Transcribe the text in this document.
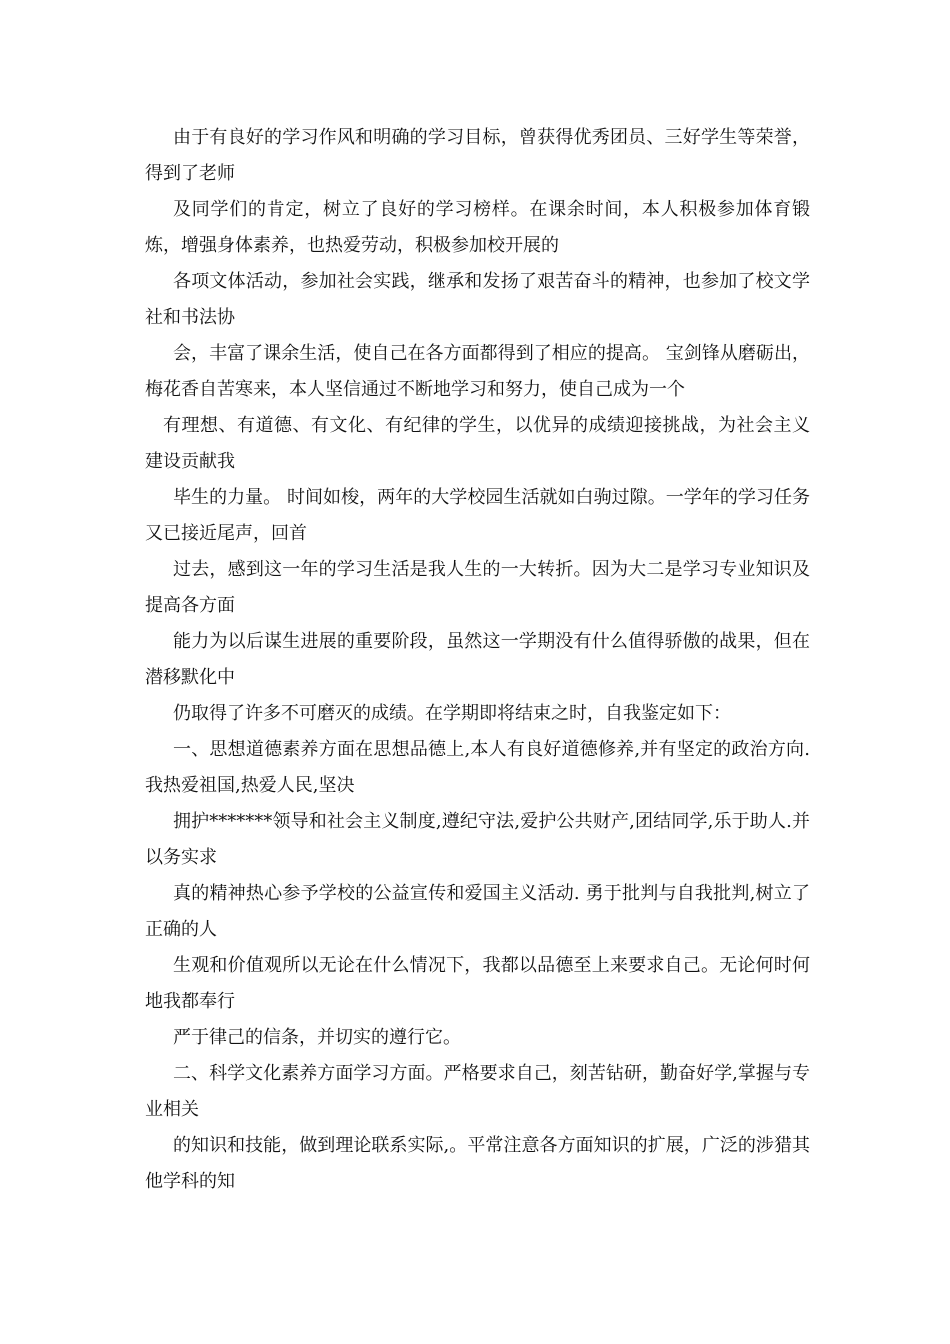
由于有良好的学习作风和明确的学习目标，曾获得优秀团员、三好学生等荣誉，得到了老师

及同学们的肯定，树立了良好的学习榜样。在课余时间，本人积极参加体育锻炼，增强身体素养，也热爱劳动，积极参加校开展的

各项文体活动，参加社会实践，继承和发扬了艰苦奋斗的精神，也参加了校文学社和书法协

会，丰富了课余生活，使自己在各方面都得到了相应的提高。 宝剑锋从磨砺出，梅花香自苦寒来，本人坚信通过不断地学习和努力，使自己成为一个

有理想、有道德、有文化、有纪律的学生，以优异的成绩迎接挑战，为社会主义建设贡献我

毕生的力量。 时间如梭，两年的大学校园生活就如白驹过隙。一学年的学习任务又已接近尾声，回首

过去，感到这一年的学习生活是我人生的一大转折。因为大二是学习专业知识及提高各方面

能力为以后谋生进展的重要阶段，虽然这一学期没有什么值得骄傲的战果，但在潜移默化中

仍取得了许多不可磨灭的成绩。在学期即将结束之时，自我鉴定如下：

一、思想道德素养方面在思想品德上,本人有良好道德修养,并有坚定的政治方向.我热爱祖国,热爱人民,坚决

拥护*******领导和社会主义制度,遵纪守法,爱护公共财产,团结同学,乐于助人.并以务实求

真的精神热心参予学校的公益宣传和爱国主义活动. 勇于批判与自我批判,树立了正确的人

生观和价值观所以无论在什么情况下，我都以品德至上来要求自己。无论何时何地我都奉行

严于律己的信条，并切实的遵行它。

二、科学文化素养方面学习方面。严格要求自己，刻苦钻研，勤奋好学,掌握与专业相关

的知识和技能，做到理论联系实际,。平常注意各方面知识的扩展，广泛的涉猎其他学科的知
